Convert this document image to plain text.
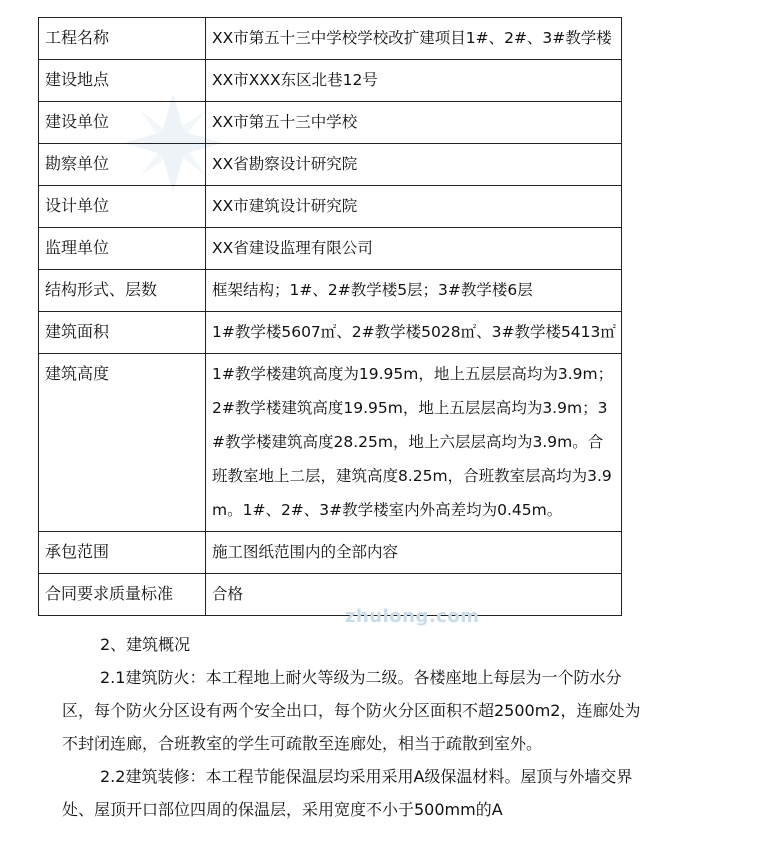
工程名称	XX市第五十三中学校学校改扩建项目1#、2#、3#教学楼
建设地点	XX市XXX东区北巷12号
建设单位	XX市第五十三中学校
勘察单位	XX省勘察设计研究院
设计单位	XX市建筑设计研究院
监理单位	XX省建设监理有限公司
结构形式、层数	框架结构；1#、2#教学楼5层；3#教学楼6层
建筑面积	1#教学楼5607㎡、2#教学楼5028㎡、3#教学楼5413㎡
建筑高度	1#教学楼建筑高度为19.95m，地上五层层高均为3.9m；2#教学楼建筑高度19.95m，地上五层层高均为3.9m；3#教学楼建筑高度28.25m，地上六层层高均为3.9m。合班教室地上二层，建筑高度8.25m，合班教室层高均为3.9m。1#、2#、3#教学楼室内外高差均为0.45m。
承包范围	施工图纸范围内的全部内容
合同要求质量标准	合格
zhulong.com

2、建筑概况

2.1建筑防火：本工程地上耐火等级为二级。各楼座地上每层为一个防水分区，每个防火分区设有两个安全出口，每个防火分区面积不超2500m2，连廊处为不封闭连廊，合班教室的学生可疏散至连廊处，相当于疏散到室外。

2.2建筑装修：本工程节能保温层均采用采用A级保温材料。屋顶与外墙交界处、屋顶开口部位四周的保温层，采用宽度不小于500mm的A
